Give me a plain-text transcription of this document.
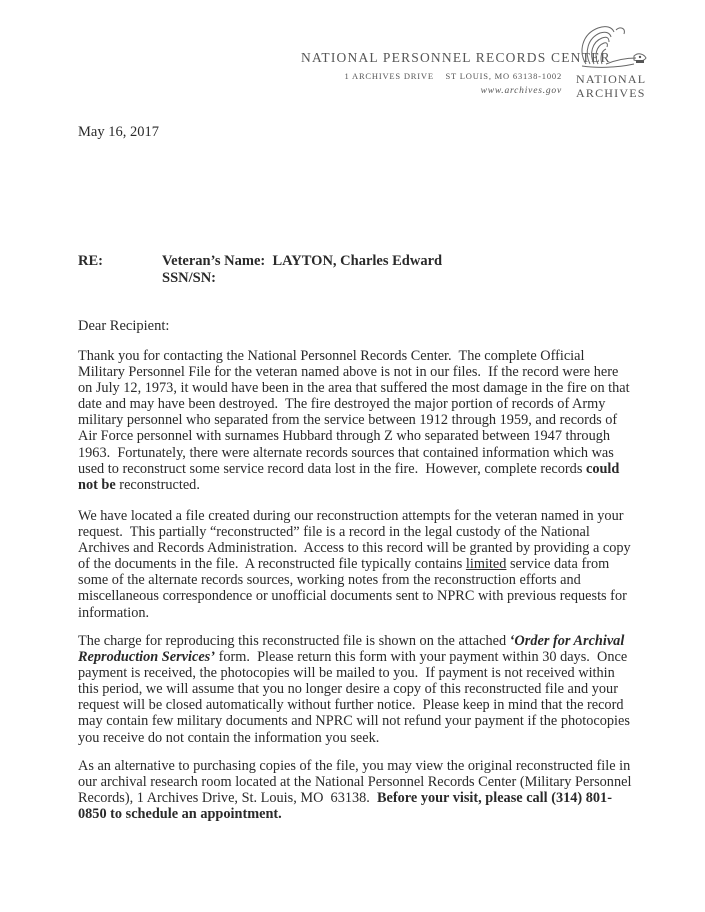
NATIONAL PERSONNEL RECORDS CENTER
1 ARCHIVES DRIVE    ST LOUIS, MO 63138-1002
www.archives.gov
NATIONAL
ARCHIVES
May 16, 2017
RE:	Veteran’s Name: LAYTON, Charles Edward
SSN/SN:
Dear Recipient:
Thank you for contacting the National Personnel Records Center.  The complete Official
Military Personnel File for the veteran named above is not in our files.  If the record were here
on July 12, 1973, it would have been in the area that suffered the most damage in the fire on that
date and may have been destroyed.  The fire destroyed the major portion of records of Army
military personnel who separated from the service between 1912 through 1959, and records of
Air Force personnel with surnames Hubbard through Z who separated between 1947 through
1963.  Fortunately, there were alternate records sources that contained information which was
used to reconstruct some service record data lost in the fire.  However, complete records could
not be reconstructed.
We have located a file created during our reconstruction attempts for the veteran named in your
request.  This partially “reconstructed” file is a record in the legal custody of the National
Archives and Records Administration.  Access to this record will be granted by providing a copy
of the documents in the file.  A reconstructed file typically contains limited service data from
some of the alternate records sources, working notes from the reconstruction efforts and
miscellaneous correspondence or unofficial documents sent to NPRC with previous requests for
information.
The charge for reproducing this reconstructed file is shown on the attached ‘Order for Archival
Reproduction Services’ form.  Please return this form with your payment within 30 days.  Once
payment is received, the photocopies will be mailed to you.  If payment is not received within
this period, we will assume that you no longer desire a copy of this reconstructed file and your
request will be closed automatically without further notice.  Please keep in mind that the record
may contain few military documents and NPRC will not refund your payment if the photocopies
you receive do not contain the information you seek.
As an alternative to purchasing copies of the file, you may view the original reconstructed file in
our archival research room located at the National Personnel Records Center (Military Personnel
Records), 1 Archives Drive, St. Louis, MO  63138.  Before your visit, please call (314) 801-
0850 to schedule an appointment.
